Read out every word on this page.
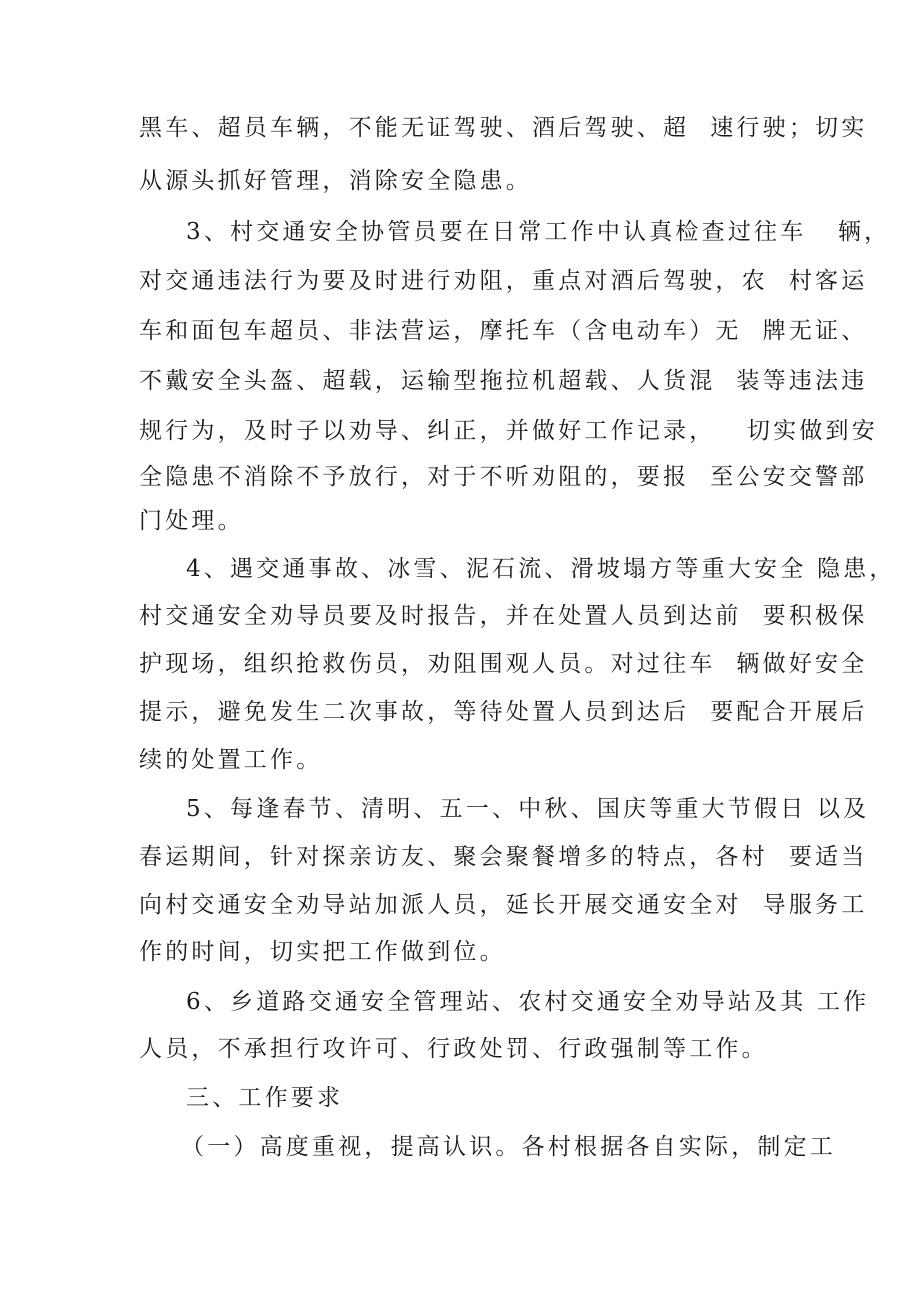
黑车、超员车辆，不能无证驾驶、酒后驾驶、超  速行驶；切实
从源头抓好管理，消除安全隐患。
3、村交通安全协管员要在日常工作中认真检查过往车   辆，
对交通违法行为要及时进行劝阻，重点对酒后驾驶，农  村客运
车和面包车超员、非法营运，摩托车（含电动车）无  牌无证、
不戴安全头盔、超载，运输型拖拉机超载、人货混  装等违法违
规行为，及时子以劝导、纠正，并做好工作记录，   切实做到安
全隐患不消除不予放行，对于不听劝阻的，要报  至公安交警部
门处理。
4、遇交通事故、冰雪、泥石流、滑坡塌方等重大安全 隐患，
村交通安全劝导员要及时报告，并在处置人员到达前  要积极保
护现场，组织抢救伤员，劝阻围观人员。对过往车  辆做好安全
提示，避免发生二次事故，等待处置人员到达后  要配合开展后
续的处置工作。
5、每逢春节、清明、五一、中秋、国庆等重大节假日 以及
春运期间，针对探亲访友、聚会聚餐增多的特点，各村  要适当
向村交通安全劝导站加派人员，延长开展交通安全对  导服务工
作的时间，切实把工作做到位。
6、乡道路交通安全管理站、农村交通安全劝导站及其 工作
人员，不承担行攻许可、行政处罚、行政强制等工作。
三、工作要求
（一）高度重视，提高认识。各村根据各自实际，制定工
